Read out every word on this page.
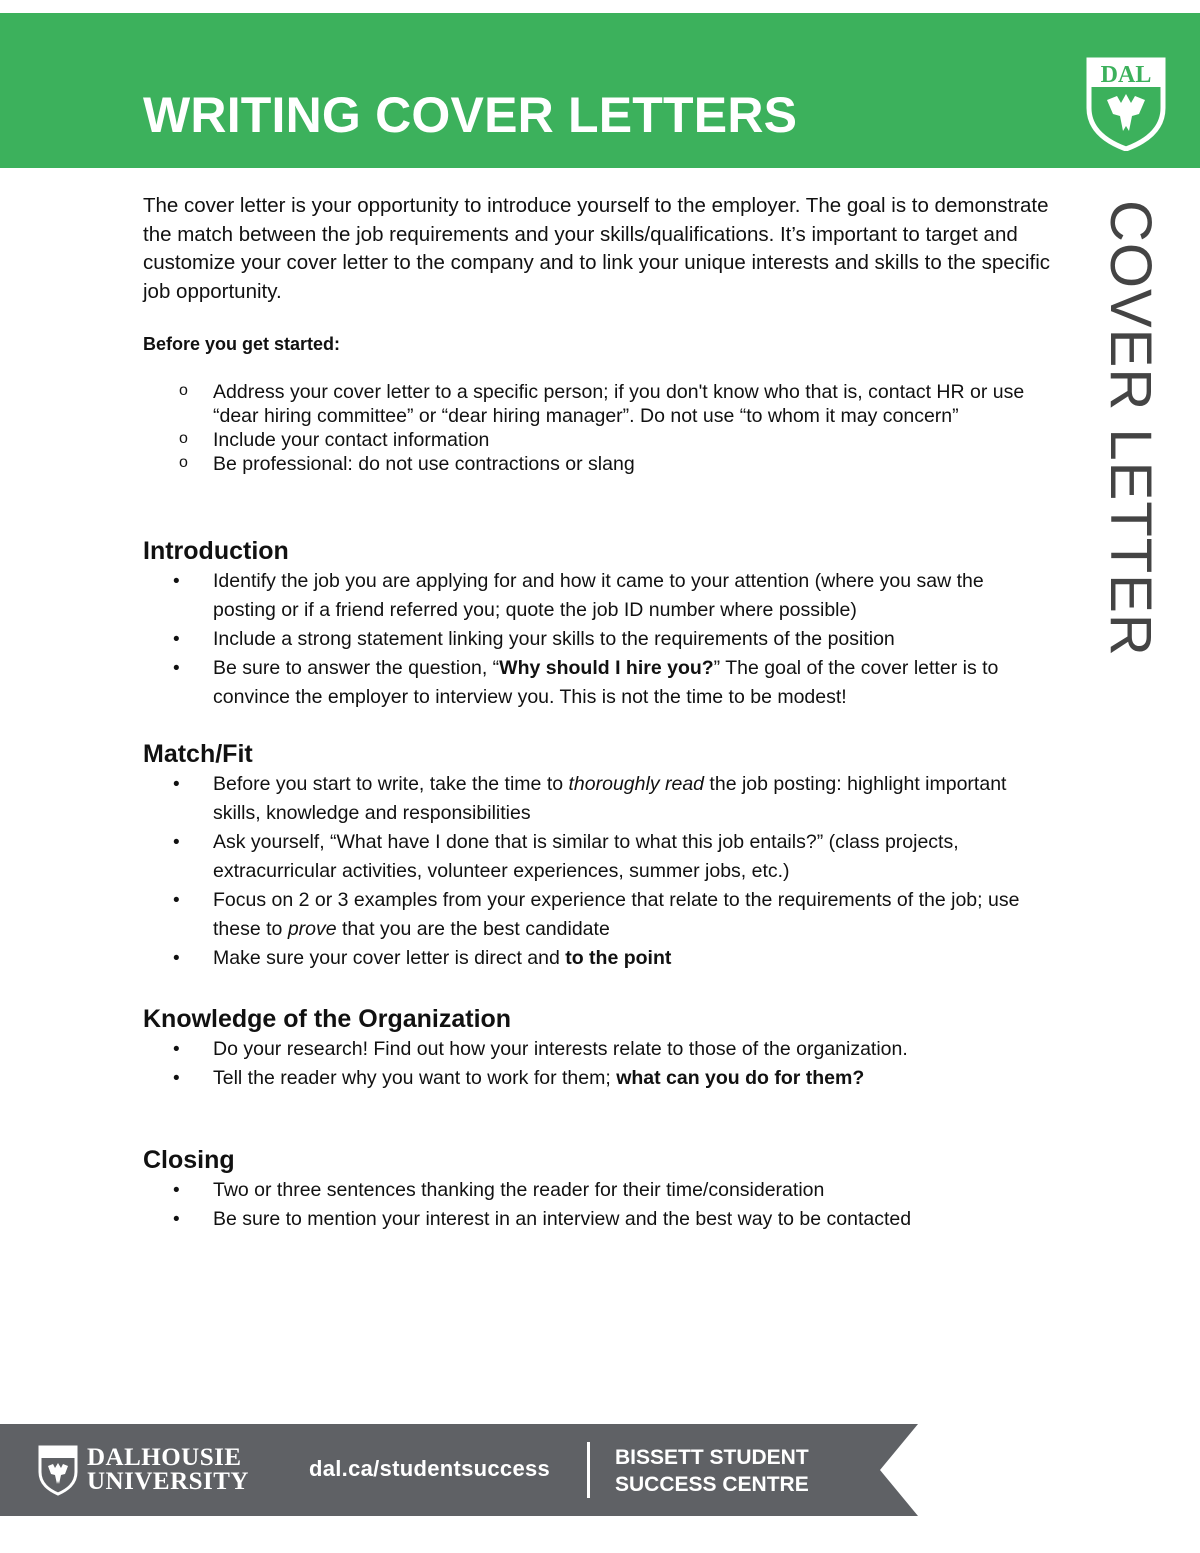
WRITING COVER LETTERS
DAL
COVER LETTER

The cover letter is your opportunity to introduce yourself to the employer. The goal is to demonstrate the match between the job requirements and your skills/qualifications. It’s important to target and customize your cover letter to the company and to link your unique interests and skills to the specific job opportunity.

Before you get started:

o Address your cover letter to a specific person; if you don't know who that is, contact HR or use “dear hiring committee” or “dear hiring manager”. Do not use “to whom it may concern”
o Include your contact information
o Be professional: do not use contractions or slang
Introduction
• Identify the job you are applying for and how it came to your attention (where you saw the posting or if a friend referred you; quote the job ID number where possible)
• Include a strong statement linking your skills to the requirements of the position
• Be sure to answer the question, “Why should I hire you?” The goal of the cover letter is to convince the employer to interview you. This is not the time to be modest!
Match/Fit
• Before you start to write, take the time to thoroughly read the job posting: highlight important skills, knowledge and responsibilities
• Ask yourself, “What have I done that is similar to what this job entails?” (class projects, extracurricular activities, volunteer experiences, summer jobs, etc.)
• Focus on 2 or 3 examples from your experience that relate to the requirements of the job; use these to prove that you are the best candidate
• Make sure your cover letter is direct and to the point
Knowledge of the Organization
• Do your research! Find out how your interests relate to those of the organization.
• Tell the reader why you want to work for them; what can you do for them?
Closing
• Two or three sentences thanking the reader for their time/consideration
• Be sure to mention your interest in an interview and the best way to be contacted
DALHOUSIE
UNIVERSITY	dal.ca/studentsuccess	BISSETT STUDENT
SUCCESS CENTRE
